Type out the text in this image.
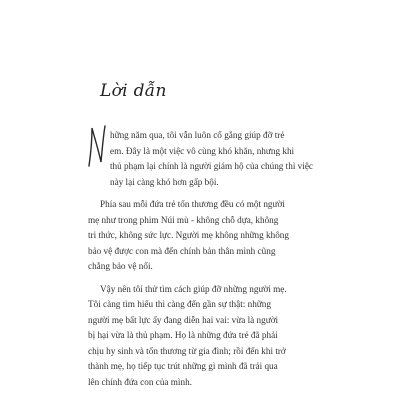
Lời dẫn
hững năm qua, tôi vẫn luôn cố gắng giúp đỡ trẻ
em. Đây là một việc vô cùng khó khăn, nhưng khi
thủ phạm lại chính là người giám hộ của chúng thì việc
này lại càng khó hơn gấp bội.
Phía sau mỗi đứa trẻ tổn thương đều có một người
mẹ như trong phim Núi mù - không chỗ dựa, không
tri thức, không sức lực. Người mẹ không những không
bảo vệ được con mà đến chính bản thân mình cũng
chẳng bảo vệ nổi.
Vậy nên tôi thử tìm cách giúp đỡ những người mẹ.
Tôi càng tìm hiểu thì càng đến gần sự thật: những
người mẹ bất lực ấy đang diễn hai vai: vừa là người
bị hại vừa là thủ phạm. Họ là những đứa trẻ đã phải
chịu hy sinh và tổn thương từ gia đình; rồi đến khi trở
thành mẹ, họ tiếp tục trút những gì mình đã trải qua
lên chính đứa con của mình.
